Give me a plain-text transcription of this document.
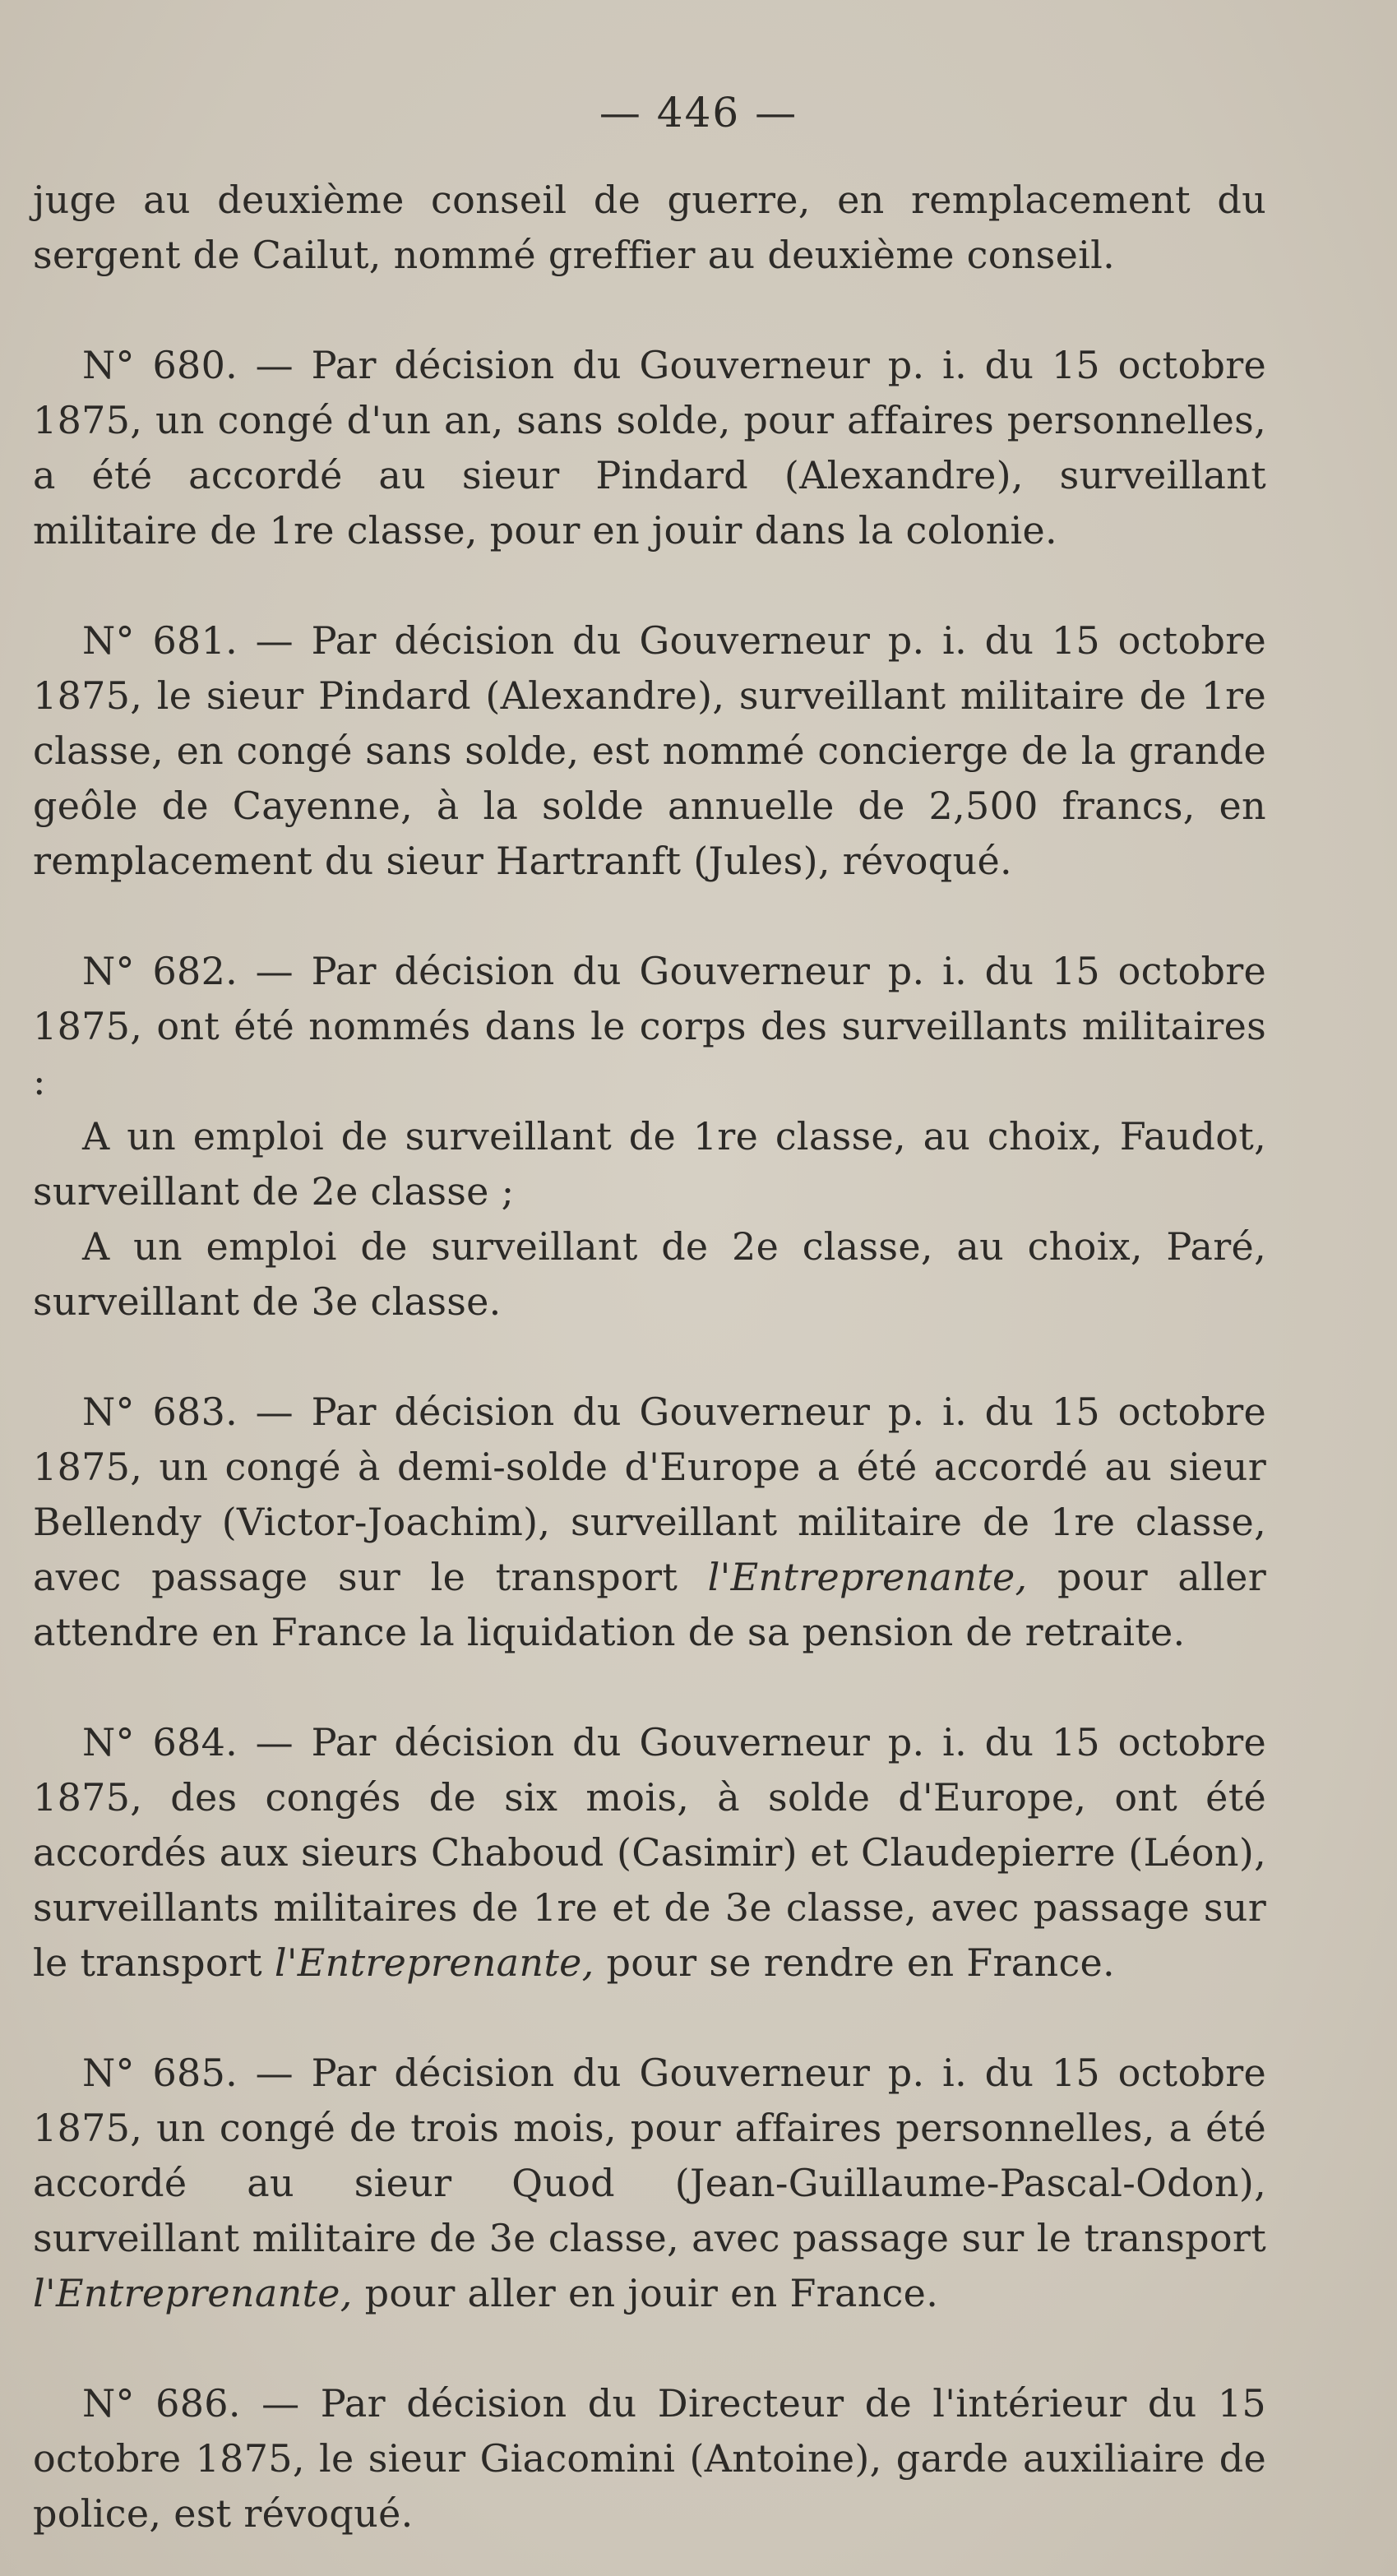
— 446 —

juge au deuxième conseil de guerre, en remplacement du sergent de Cailut, nommé greffier au deuxième conseil.

N° 680. — Par décision du Gouverneur p. i. du 15 octobre 1875, un congé d'un an, sans solde, pour affaires personnelles, a été accordé au sieur Pindard (Alexandre), surveillant militaire de 1re classe, pour en jouir dans la colonie.

N° 681. — Par décision du Gouverneur p. i. du 15 octobre 1875, le sieur Pindard (Alexandre), surveillant militaire de 1re classe, en congé sans solde, est nommé concierge de la grande geôle de Cayenne, à la solde annuelle de 2,500 francs, en remplacement du sieur Hartranft (Jules), révoqué.

N° 682. — Par décision du Gouverneur p. i. du 15 octobre 1875, ont été nommés dans le corps des surveillants militaires :

A un emploi de surveillant de 1re classe, au choix, Faudot, surveillant de 2e classe ;

A un emploi de surveillant de 2e classe, au choix, Paré, surveillant de 3e classe.

N° 683. — Par décision du Gouverneur p. i. du 15 octobre 1875, un congé à demi-solde d'Europe a été accordé au sieur Bellendy (Victor-Joachim), surveillant militaire de 1re classe, avec passage sur le transport l'Entreprenante, pour aller attendre en France la liquidation de sa pension de retraite.

N° 684. — Par décision du Gouverneur p. i. du 15 octobre 1875, des congés de six mois, à solde d'Europe, ont été accordés aux sieurs Chaboud (Casimir) et Claudepierre (Léon), surveillants militaires de 1re et de 3e classe, avec passage sur le transport l'Entreprenante, pour se rendre en France.

N° 685. — Par décision du Gouverneur p. i. du 15 octobre 1875, un congé de trois mois, pour affaires personnelles, a été accordé au sieur Quod (Jean-Guillaume-Pascal-Odon), surveillant militaire de 3e classe, avec passage sur le transport l'Entreprenante, pour aller en jouir en France.

N° 686. — Par décision du Directeur de l'intérieur du 15 octobre 1875, le sieur Giacomini (Antoine), garde auxiliaire de police, est révoqué.
